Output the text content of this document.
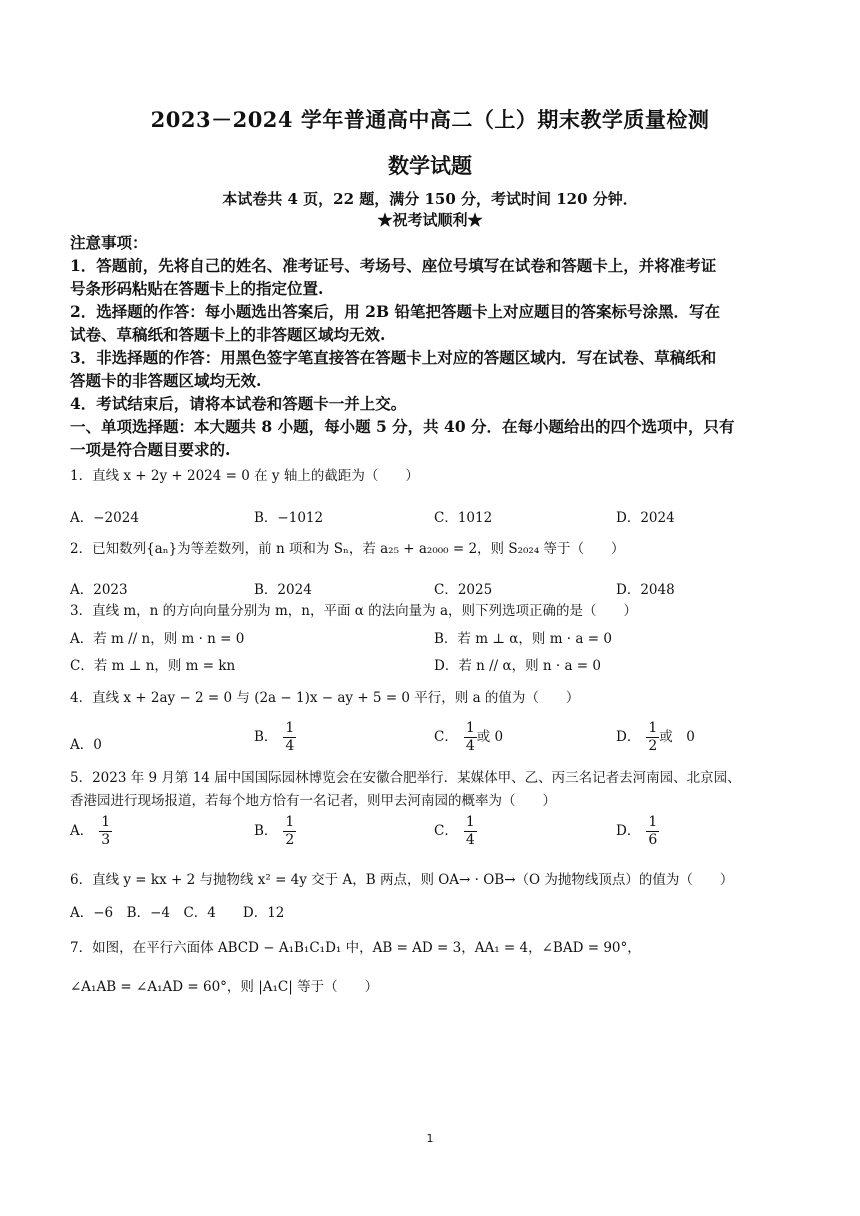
2023－2024 学年普通高中高二（上）期末教学质量检测
数学试题
本试卷共 4 页，22 题，满分 150 分，考试时间 120 分钟．
★祝考试顺利★

注意事项：

1．答题前，先将自己的姓名、准考证号、考场号、座位号填写在试卷和答题卡上，并将准考证

号条形码粘贴在答题卡上的指定位置.

2．选择题的作答：每小题选出答案后，用 2B 铅笔把答题卡上对应题目的答案标号涂黑．写在

试卷、草稿纸和答题卡上的非答题区域均无效.

3．非选择题的作答：用黑色签字笔直接答在答题卡上对应的答题区域内．写在试卷、草稿纸和

答题卡的非答题区域均无效.

4．考试结束后，请将本试卷和答题卡一并上交。

一、单项选择题：本大题共 8 小题，每小题 5 分，共 40 分．在每小题给出的四个选项中，只有

一项是符合题目要求的.

1．直线 x + 2y + 2024 = 0 在 y 轴上的截距为（　　）
A．−2024	B．−1012	C．1012	D．2024
2．已知数列{aₙ}为等差数列，前 n 项和为 Sₙ，若 a₂₅ + a₂₀₀₀ = 2，则 S₂₀₂₄ 等于（　　）
A．2023	B．2024	C．2025	D．2048
3．直线 m，n 的方向向量分别为 m，n，平面 α 的法向量为 a，则下列选项正确的是（　　）
A．若 m // n，则 m · n = 0	B．若 m ⊥ α，则 m · a = 0
C．若 m ⊥ n，则 m = kn	D．若 n // α，则 n · a = 0
4．直线 x + 2ay − 2 = 0 与 (2a − 1)x − ay + 5 = 0 平行，则 a 的值为（　　）
A．0	B． $\frac{1}{4}$	C． $\frac{1}{4}$ 或 0	D． $\frac{1}{2}$ 或　0
5．2023 年 9 月第 14 届中国国际园林博览会在安徽合肥举行．某媒体甲、乙、丙三名记者去河南园、北京园、
香港园进行现场报道，若每个地方恰有一名记者，则甲去河南园的概率为（　　）
A． $\frac{1}{3}$	B． $\frac{1}{2}$	C． $\frac{1}{4}$	D． $\frac{1}{6}$
6．直线 y = kx + 2 与抛物线 x² = 4y 交于 A，B 两点，则 OA→ · OB→（O 为抛物线顶点）的值为（　　）
A．−6　B．−4　C．4　　D．12
7．如图，在平行六面体 ABCD − A₁B₁C₁D₁ 中，AB = AD = 3，AA₁ = 4，∠BAD = 90°，
∠A₁AB = ∠A₁AD = 60°，则 |A₁C| 等于（　　）
1
